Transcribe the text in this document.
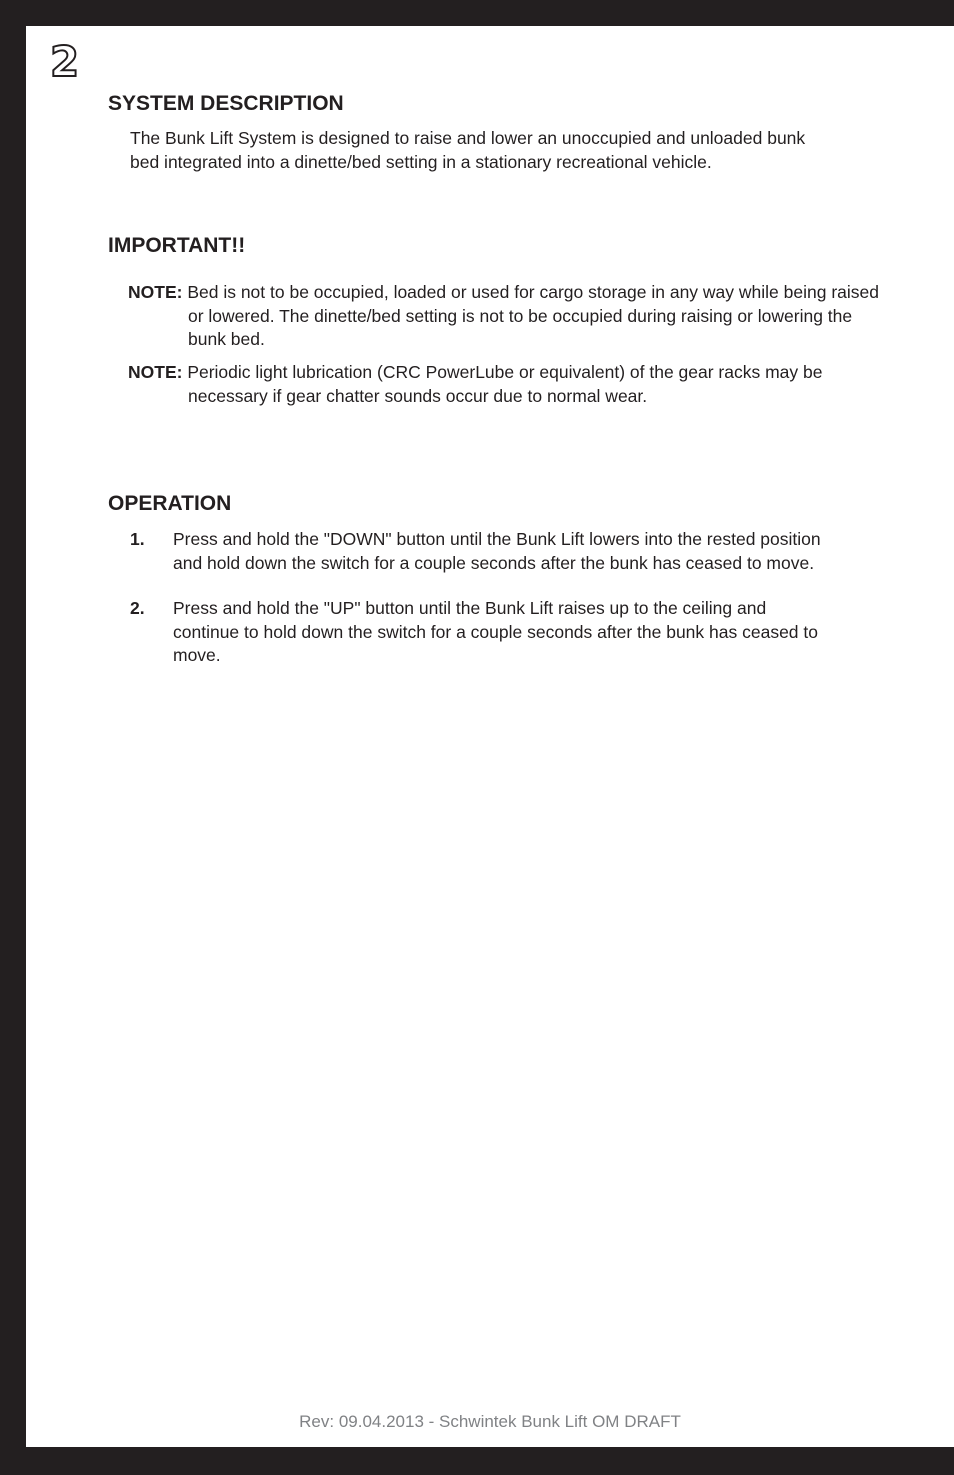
2
SYSTEM DESCRIPTION

The Bunk Lift System is designed to raise and lower an unoccupied and unloaded bunk bed integrated into a dinette/bed setting in a stationary recreational vehicle.

IMPORTANT!!

NOTE: Bed is not to be occupied, loaded or used for cargo storage in any way while being raised or lowered. The dinette/bed setting is not to be occupied during raising or lowering the bunk bed.

NOTE: Periodic light lubrication (CRC PowerLube or equivalent) of the gear racks may be necessary if gear chatter sounds occur due to normal wear.

OPERATION
1. Press and hold the "DOWN" button until the Bunk Lift lowers into the rested position and hold down the switch for a couple seconds after the bunk has ceased to move.

2. Press and hold the "UP" button until the Bunk Lift raises up to the ceiling and continue to hold down the switch for a couple seconds after the bunk has ceased to move.

Rev: 09.04.2013 - Schwintek Bunk Lift OM DRAFT
